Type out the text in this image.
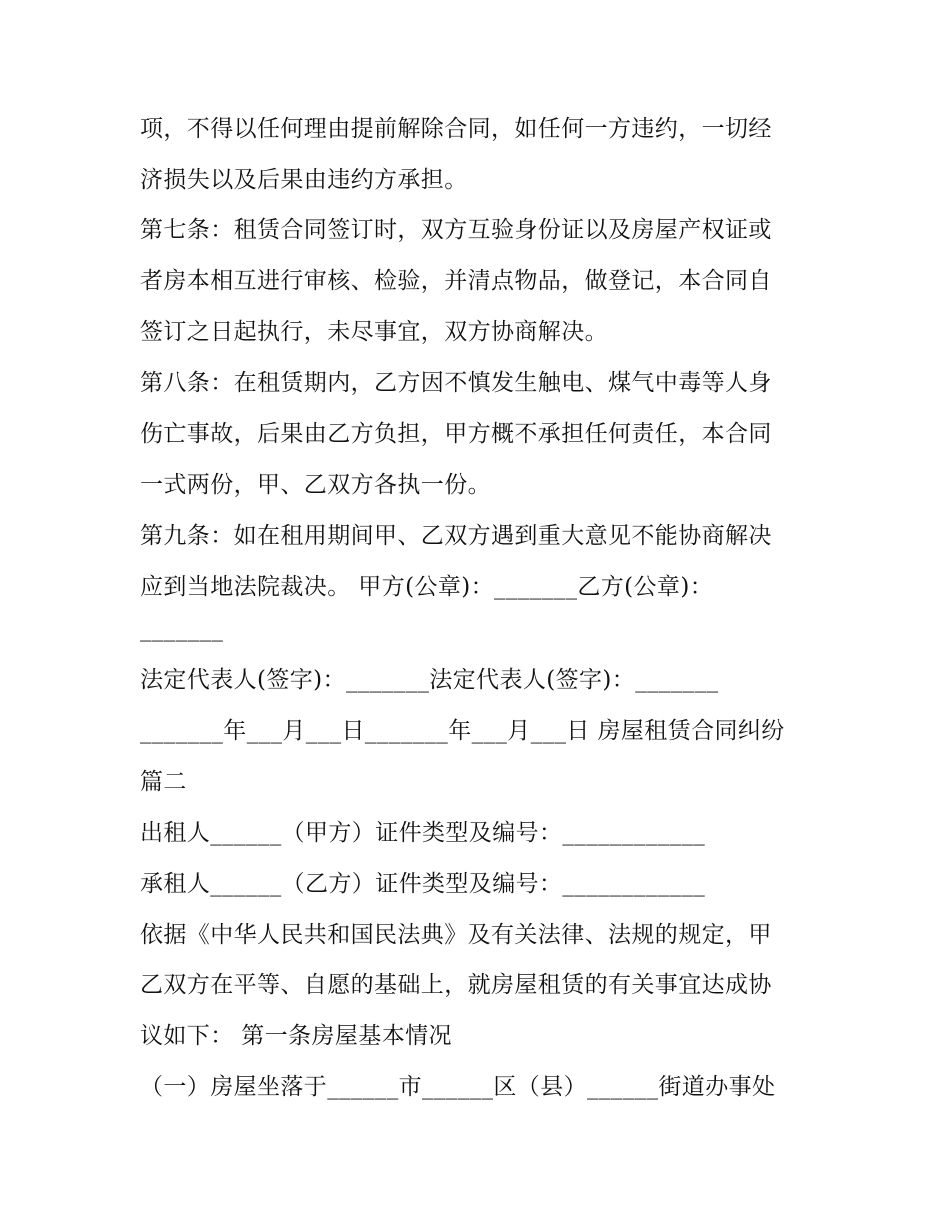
项，不得以任何理由提前解除合同，如任何一方违约，一切经
济损失以及后果由违约方承担。
第七条：租赁合同签订时，双方互验身份证以及房屋产权证或
者房本相互进行审核、检验，并清点物品，做登记，本合同自
签订之日起执行，未尽事宜，双方协商解决。
第八条：在租赁期内，乙方因不慎发生触电、煤气中毒等人身
伤亡事故，后果由乙方负担，甲方概不承担任何责任，本合同
一式两份，甲、乙双方各执一份。
第九条：如在租用期间甲、乙双方遇到重大意见不能协商解决
应到当地法院裁决。 甲方(公章)：_______乙方(公章)：
_______
法定代表人(签字)：_______法定代表人(签字)：_______
_______年___月___日_______年___月___日 房屋租赁合同纠纷
篇二
出租人______（甲方）证件类型及编号：____________
承租人______（乙方）证件类型及编号：____________
依据《中华人民共和国民法典》及有关法律、法规的规定，甲
乙双方在平等、自愿的基础上，就房屋租赁的有关事宜达成协
议如下： 第一条房屋基本情况
（一）房屋坐落于______市______区（县）______街道办事处
